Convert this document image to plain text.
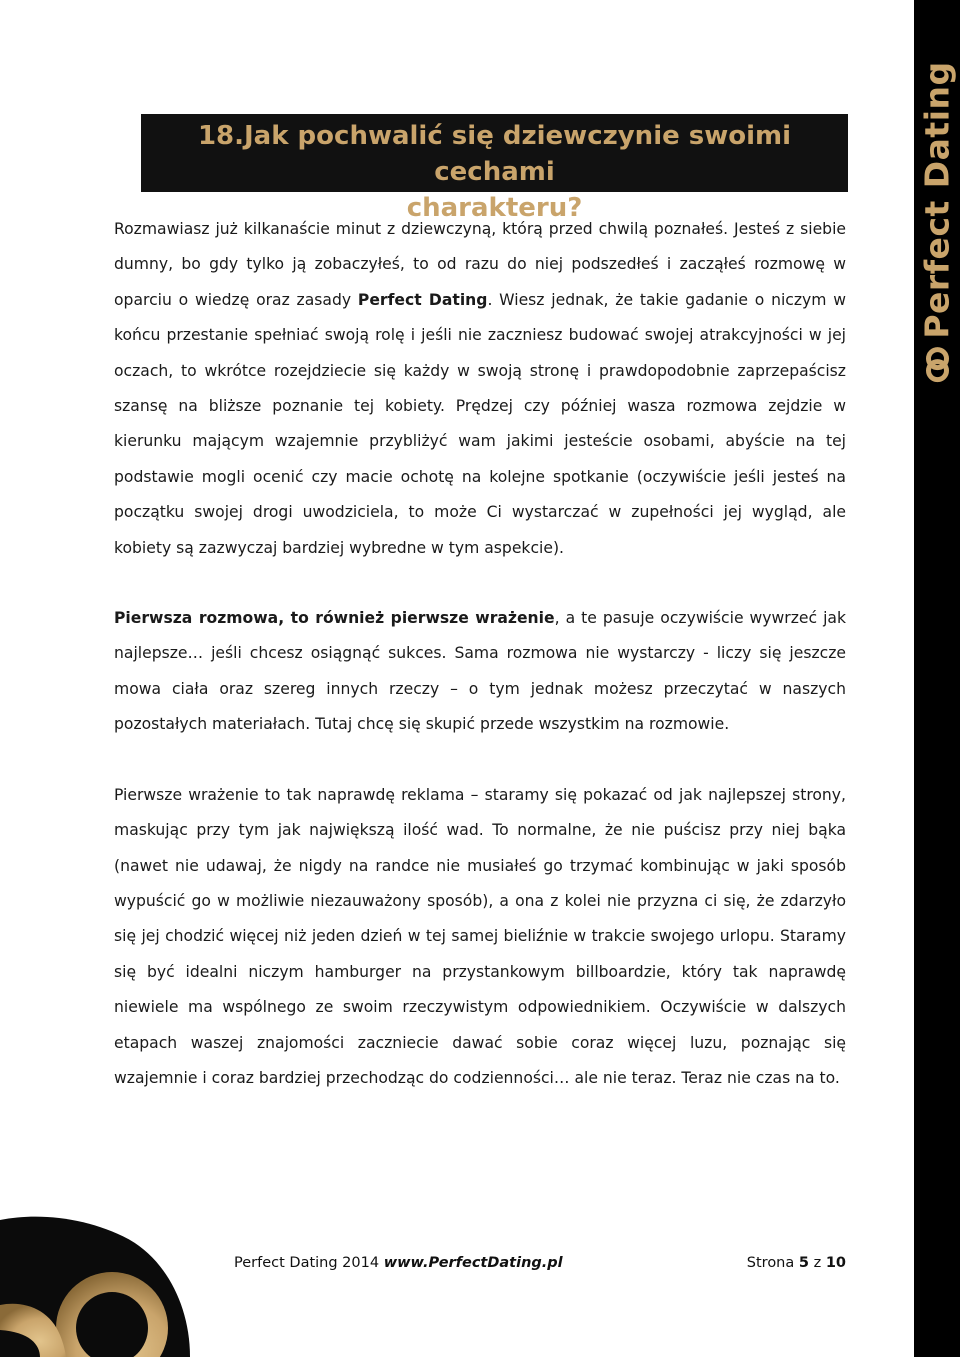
Perfect Dating
18.Jak pochwalić się dziewczynie swoimi cechami
charakteru?

Rozmawiasz już kilkanaście minut z dziewczyną, którą przed chwilą poznałeś. Jesteś z siebie dumny, bo gdy tylko ją zobaczyłeś, to od razu do niej podszedłeś i zacząłeś rozmowę w oparciu o wiedzę oraz zasady Perfect Dating. Wiesz jednak, że takie gadanie o niczym w końcu przestanie spełniać swoją rolę i jeśli nie zaczniesz budować swojej atrakcyjności w jej oczach, to wkrótce rozejdziecie się każdy w swoją stronę i prawdopodobnie zaprzepaścisz szansę na bliższe poznanie tej kobiety. Prędzej czy później wasza rozmowa zejdzie w kierunku mającym wzajemnie przybliżyć wam jakimi jesteście osobami, abyście na tej podstawie mogli ocenić czy macie ochotę na kolejne spotkanie (oczywiście jeśli jesteś na początku swojej drogi uwodziciela, to może Ci wystarczać w zupełności jej wygląd, ale kobiety są zazwyczaj bardziej wybredne w tym aspekcie).

Pierwsza rozmowa, to również pierwsze wrażenie, a te pasuje oczywiście wywrzeć jak najlepsze… jeśli chcesz osiągnąć sukces. Sama rozmowa nie wystarczy - liczy się jeszcze mowa ciała oraz szereg innych rzeczy – o tym jednak możesz przeczytać w naszych pozostałych materiałach. Tutaj chcę się skupić przede wszystkim na rozmowie.

Pierwsze wrażenie to tak naprawdę reklama – staramy się pokazać od jak najlepszej strony, maskując przy tym jak największą ilość wad. To normalne, że nie puścisz przy niej bąka (nawet nie udawaj, że nigdy na randce nie musiałeś go trzymać kombinując w jaki sposób wypuścić go w możliwie niezauważony sposób), a ona z kolei nie przyzna ci się, że zdarzyło się jej chodzić więcej niż jeden dzień w tej samej bieliźnie w trakcie swojego urlopu. Staramy się być idealni niczym hamburger na przystankowym billboardzie, który tak naprawdę niewiele ma wspólnego ze swoim rzeczywistym odpowiednikiem. Oczywiście w dalszych etapach waszej znajomości zaczniecie dawać sobie coraz więcej luzu, poznając się wzajemnie i coraz bardziej przechodząc do codzienności… ale nie teraz. Teraz nie czas na to.

Perfect Dating 2014 www.PerfectDating.pl	Strona 5 z 10
